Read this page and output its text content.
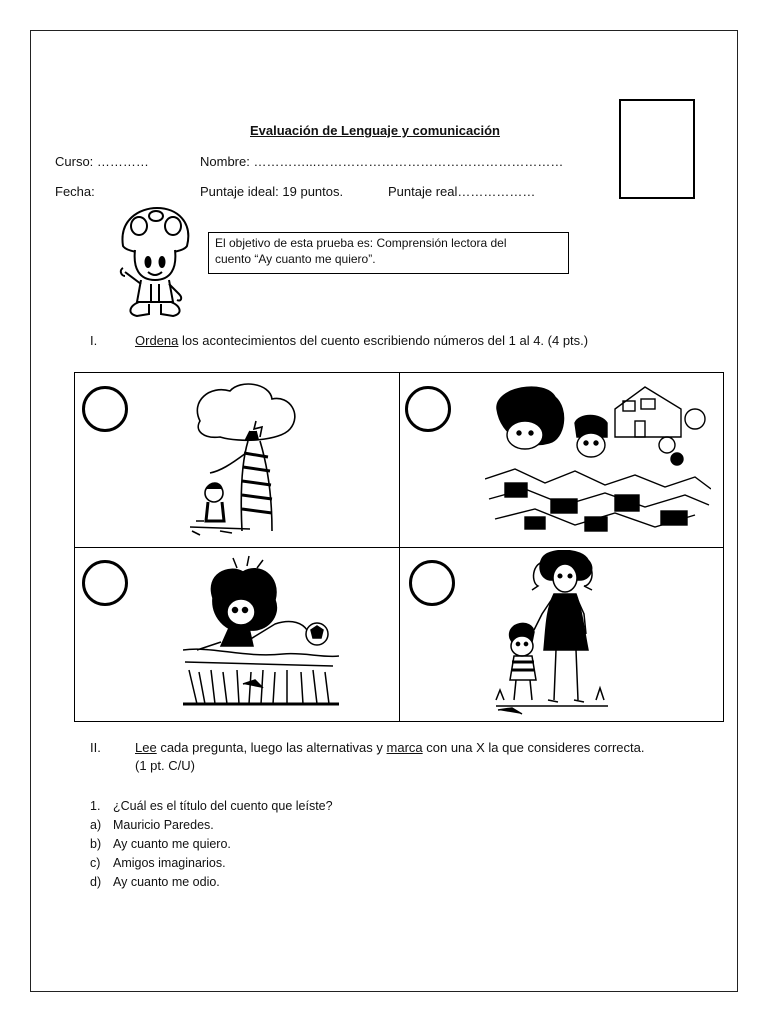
Evaluación de Lenguaje y comunicación
Curso: …………	Nombre: …………...…………………………………………………
Fecha:	Puntaje ideal: 19 puntos.	Puntaje real………………
El objetivo de esta prueba es: Comprensión lectora del
cuento “Ay cuanto me quiero”.
I.	Ordena los acontecimientos del cuento escribiendo números del 1 al 4. (4 pts.)
II.	Lee cada pregunta, luego las alternativas y marca con una X la que consideres correcta.
(1 pt. C/U)
1.	¿Cuál es el título del cuento que leíste?
a) Mauricio Paredes.
b) Ay cuanto me quiero.
c)	Amigos imaginarios.
d) Ay cuanto me odio.
